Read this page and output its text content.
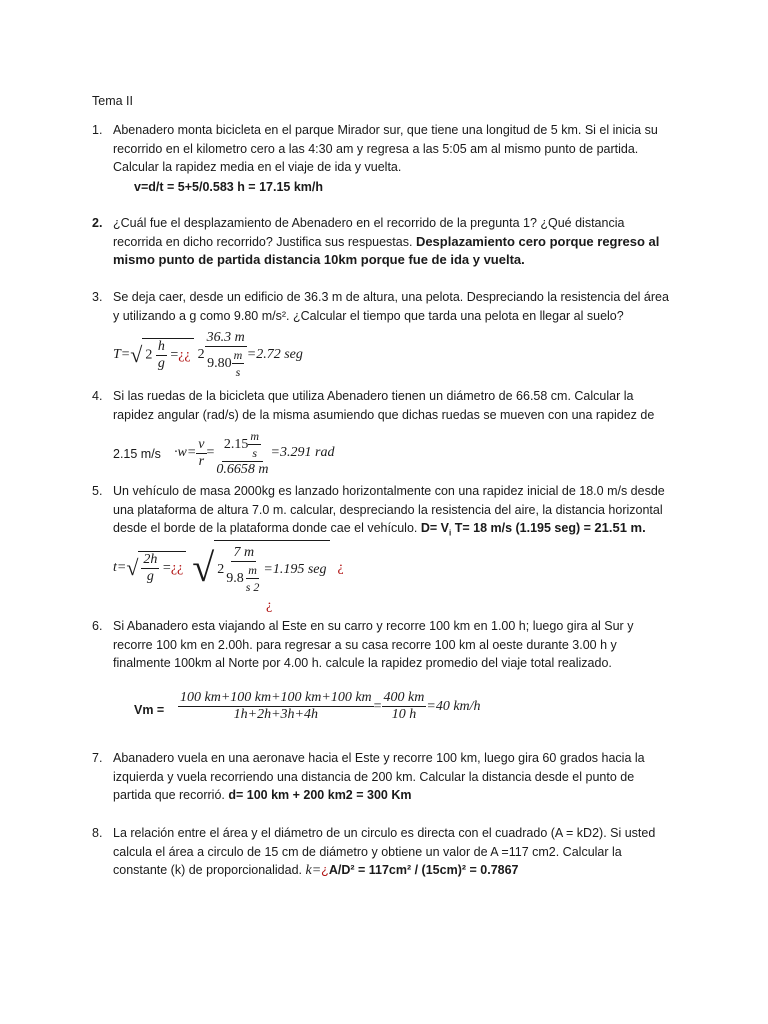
Tema II
1. Abenadero monta bicicleta en el parque Mirador sur, que tiene una longitud de 5 km. Si el inicia su recorrido en el kilometro cero a las 4:30 am y regresa a las 5:05 am al mismo punto de partida. Calcular la rapidez media en el viaje de ida y vuelta.
v=d/t = 5+5/0.583 h = 17.15 km/h
2. ¿Cuál fue el desplazamiento de Abenadero en el recorrido de la pregunta 1? ¿Qué distancia recorrida en dicho recorrido? Justifica sus respuestas. Desplazamiento cero porque regreso al mismo punto de partida distancia 10km porque fue de ida y vuelta.
3. Se deja caer, desde un edificio de 36.3 m de altura, una pelota. Despreciando la resistencia del área y utilizando a g como 9.80 m/s². ¿Calcular el tiempo que tarda una pelota en llegar al suelo?
T= √ $2 \frac{h}{g}$ =¿¿ $2 \frac{36.3 m}{9.80 \frac{m}{s}} =2.72$ seg
4. Si las ruedas de la bicicleta que utiliza Abenadero tienen un diámetro de 66.58 cm. Calcular la rapidez angular (rad/s) de la misma asumiendo que dichas ruedas se mueven con una rapidez de
2.15 $m/s \cdot w= \frac{v}{r} = \frac{2.15 \frac{m}{s}}{0.6658 m} =3.291$ rad
5. Un vehículo de masa 2000kg es lanzado horizontalmente con una rapidez inicial de 18.0 m/s desde una plataforma de altura 7.0 m. calcular, despreciando la resistencia del aire, la distancia horizontal desde el borde de la plataforma donde cae el vehículo. $D= V_i$ T= 18 m/s (1.195 seg) = 21.51 m.
t= √ $\frac{2h}{g}$ =¿¿ √ $2 \frac{7 m}{9.8 \frac{m}{s 2}} =1.195$ seg ¿
¿
6. Si Abanadero esta viajando al Este en su carro y recorre 100 km en 1.00 h; luego gira al Sur y recorre 100 km en 2.00h. para regresar a su casa recorre 100 km al oeste durante 3.00 h y finalmente 100km al Norte por 4.00 h. calcule la rapidez promedio del viaje total realizado.
$Vm = \frac{100 km+100 km+100 km+100 km}{1h+2h+3h+4h} = \frac{400 km}{10 h} =40$ km/h
7. Abanadero vuela en una aeronave hacia el Este y recorre 100 km, luego gira 60 grados hacia la izquierda y vuela recorriendo una distancia de 200 km. Calcular la distancia desde el punto de partida que recorrió. d= 100 km + 200 km2 = 300 Km
8. La relación entre el área y el diámetro de un circulo es directa con el cuadrado (A = kD2). Si usted calcula el área a circulo de 15 cm de diámetro y obtiene un valor de A =117 cm2. Calcular la constante (k) de proporcionalidad. k=¿A/D² = 117cm² / (15cm)² = 0.7867
